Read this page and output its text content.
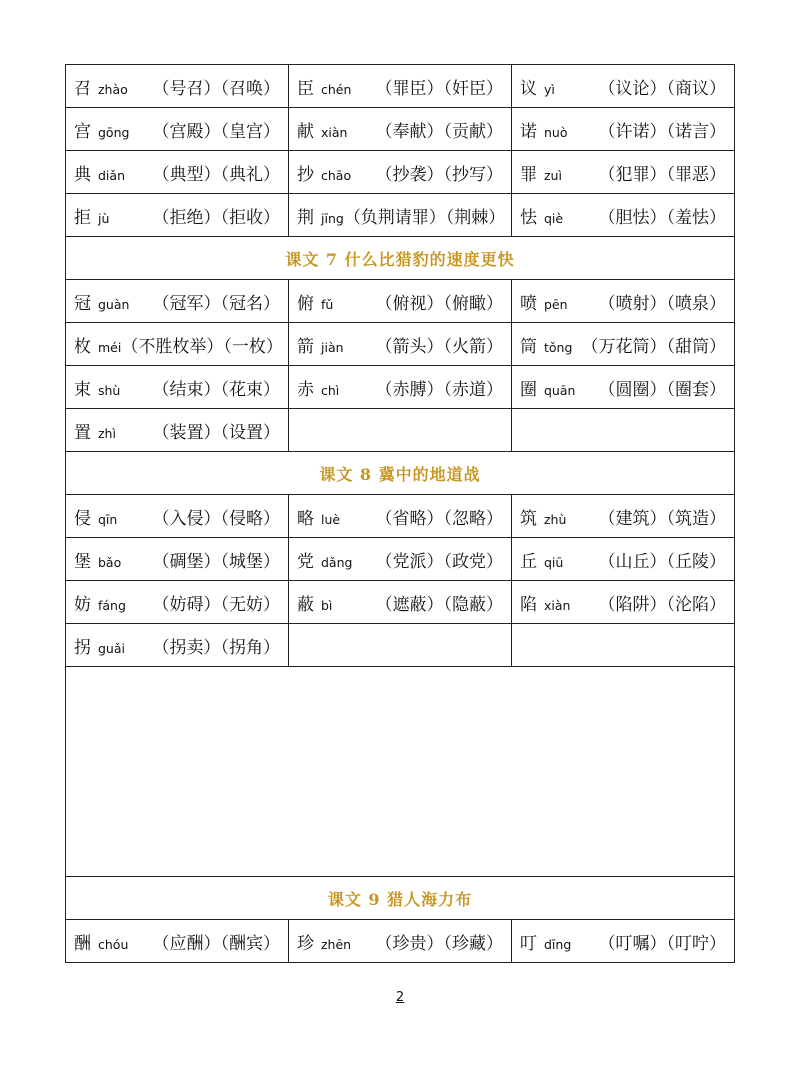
召 zhào （号召）（召唤）	臣 chén （罪臣）（奸臣）	议 yì （议论）（商议）

宫 gōng （宫殿）（皇宫）	献 xiàn （奉献）（贡献）	诺 nuò （许诺）（诺言）

典 diǎn （典型）（典礼）	抄 chāo （抄袭）（抄写）	罪 zuì （犯罪）（罪恶）

拒 jù （拒绝）（拒收）	荆 jīng （负荆请罪）（荆棘）	怯 qiè （胆怯）（羞怯）

课文 7 什么比猎豹的速度更快		

冠 guàn （冠军）（冠名）	俯 fǔ （俯视）（俯瞰）	喷 pēn （喷射）（喷泉）

枚 méi （不胜枚举）（一枚）	箭 jiàn （箭头）（火箭）	筒 tǒng （万花筒）（甜筒）

束 shù （结束）（花束）	赤 chì （赤膊）（赤道）	圈 quān （圆圈）（圈套）

置 zhì （装置）（设置）		

课文 8 冀中的地道战		

侵 qīn （入侵）（侵略）	略 luè （省略）（忽略）	筑 zhù （建筑）（筑造）

堡 bǎo （碉堡）（城堡）	党 dǎng （党派）（政党）	丘 qiū （山丘）（丘陵）

妨 fáng （妨碍）（无妨）	蔽 bì （遮蔽）（隐蔽）	陷 xiàn （陷阱）（沦陷）

拐 guǎi （拐卖）（拐角）		

课文 9 猎人海力布		

酬 chóu （应酬）（酬宾）	珍 zhēn （珍贵）（珍藏）	叮 dīng （叮嘱）（叮咛）
2
